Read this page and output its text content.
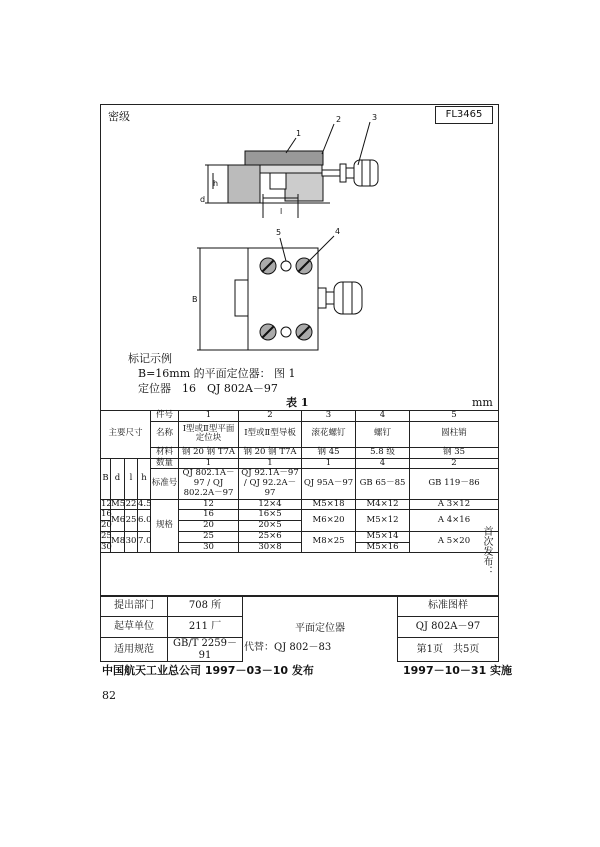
密级	FL3465
1
2	3
5	4
h
d
l
B
标记示例
B=16mm 的平面定位器： 图 1
定位器　16　QJ 802A－97
表 1	mm
主要尺寸				件号	1	2	3	4	5
				名称	Ⅰ型或Ⅱ型平面定位块	Ⅰ型或Ⅱ型导板	滚花螺钉	螺钉	圆柱销
				材料	钢 20 钢 T7A	钢 20 钢 T7A	钢 45	5.8 级	钢 35
B	d	l	h	数量	1	1	1	4	2
				标准号	QJ 802.1A－97 / QJ 802.2A－97	QJ 92.1A－97 / QJ 92.2A－97	QJ 95A－97	GB 65－85	GB 119－86
12	M5	22	4.5	规格	12	12×4	M5×18	M4×12	A 3×12
16	M6	25	6.0		16	16×5	M6×20	M5×12	A 4×16
20					20	20×5			
25	M8	30	7.0		25	25×6	M8×25	M5×14	A 5×20
30					30	30×8		M5×16		首次发布：
提出部门	708 所	平面定位器	标准图样
起草单位	211 厂		QJ 802A－97
适用规范	GB/T 2259－91		第1页　 共5页
代替：QJ 802－83
中国航天工业总公司 1997－03－10 发布	1997－10－31 实施
82
